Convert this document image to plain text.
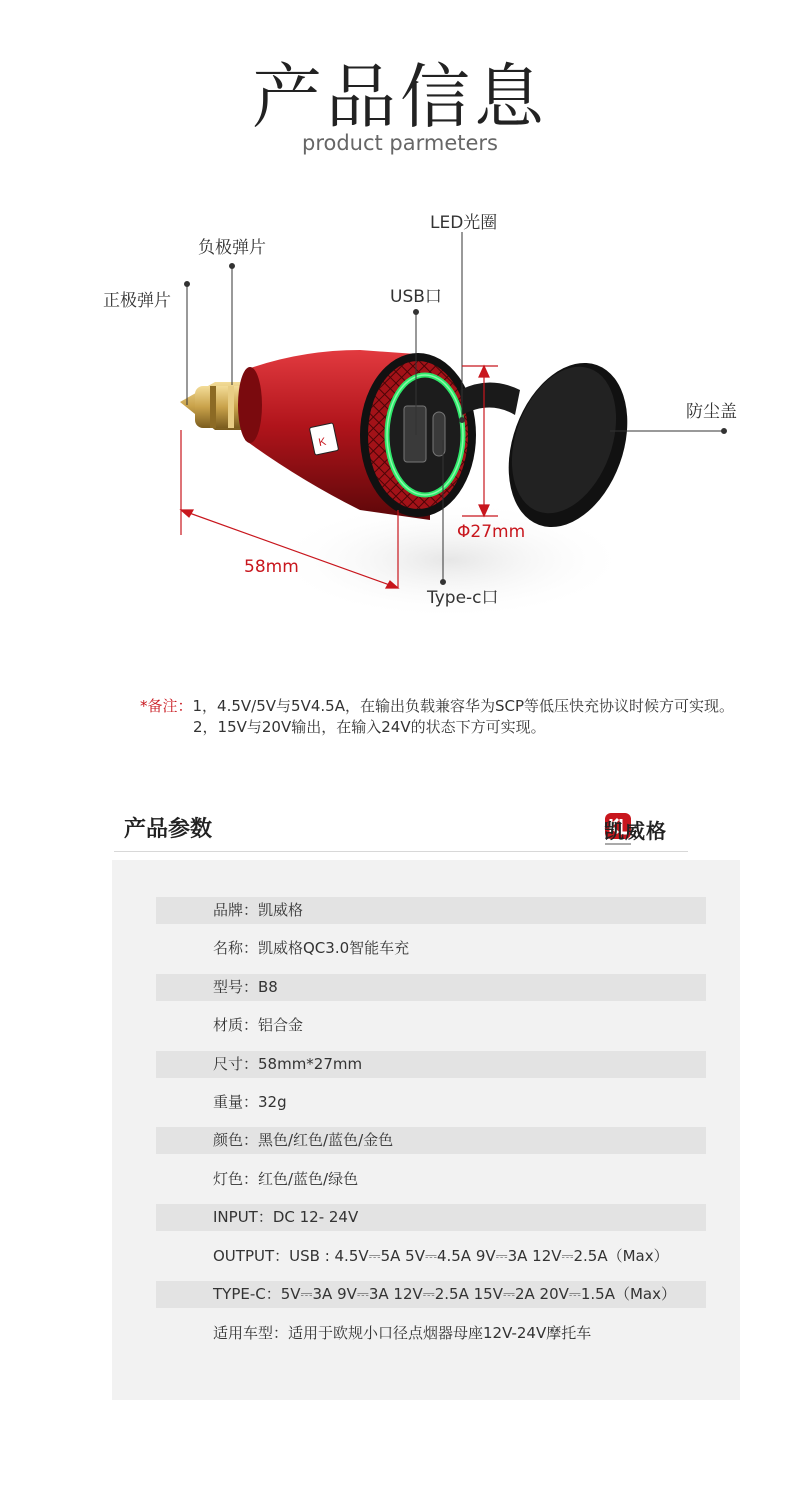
产品信息
product parmeters
K
LED光圈
负极弹片
正极弹片	USB口
防尘盖
Type-c口
58mm
Φ27mm
*备注：1，4.5V/5V与5V4.5A，在输出负载兼容华为SCP等低压快充协议时候方可实现。
2，15V与20V输出，在输入24V的状态下方可实现。
产品参数	凯威格
品牌：凯威格
名称：凯威格QC3.0智能车充
型号：B8
材质：铝合金
尺寸：58mm*27mm
重量：32g
颜色：黑色/红色/蓝色/金色
灯色：红色/蓝色/绿色
INPUT：DC 12- 24V
OUTPUT：USB : 4.5V⎓5A 5V⎓4.5A 9V⎓3A 12V⎓2.5A（Max）
TYPE-C：5V⎓3A 9V⎓3A 12V⎓2.5A 15V⎓2A 20V⎓1.5A（Max）
适用车型：适用于欧规小口径点烟器母座12V-24V摩托车
